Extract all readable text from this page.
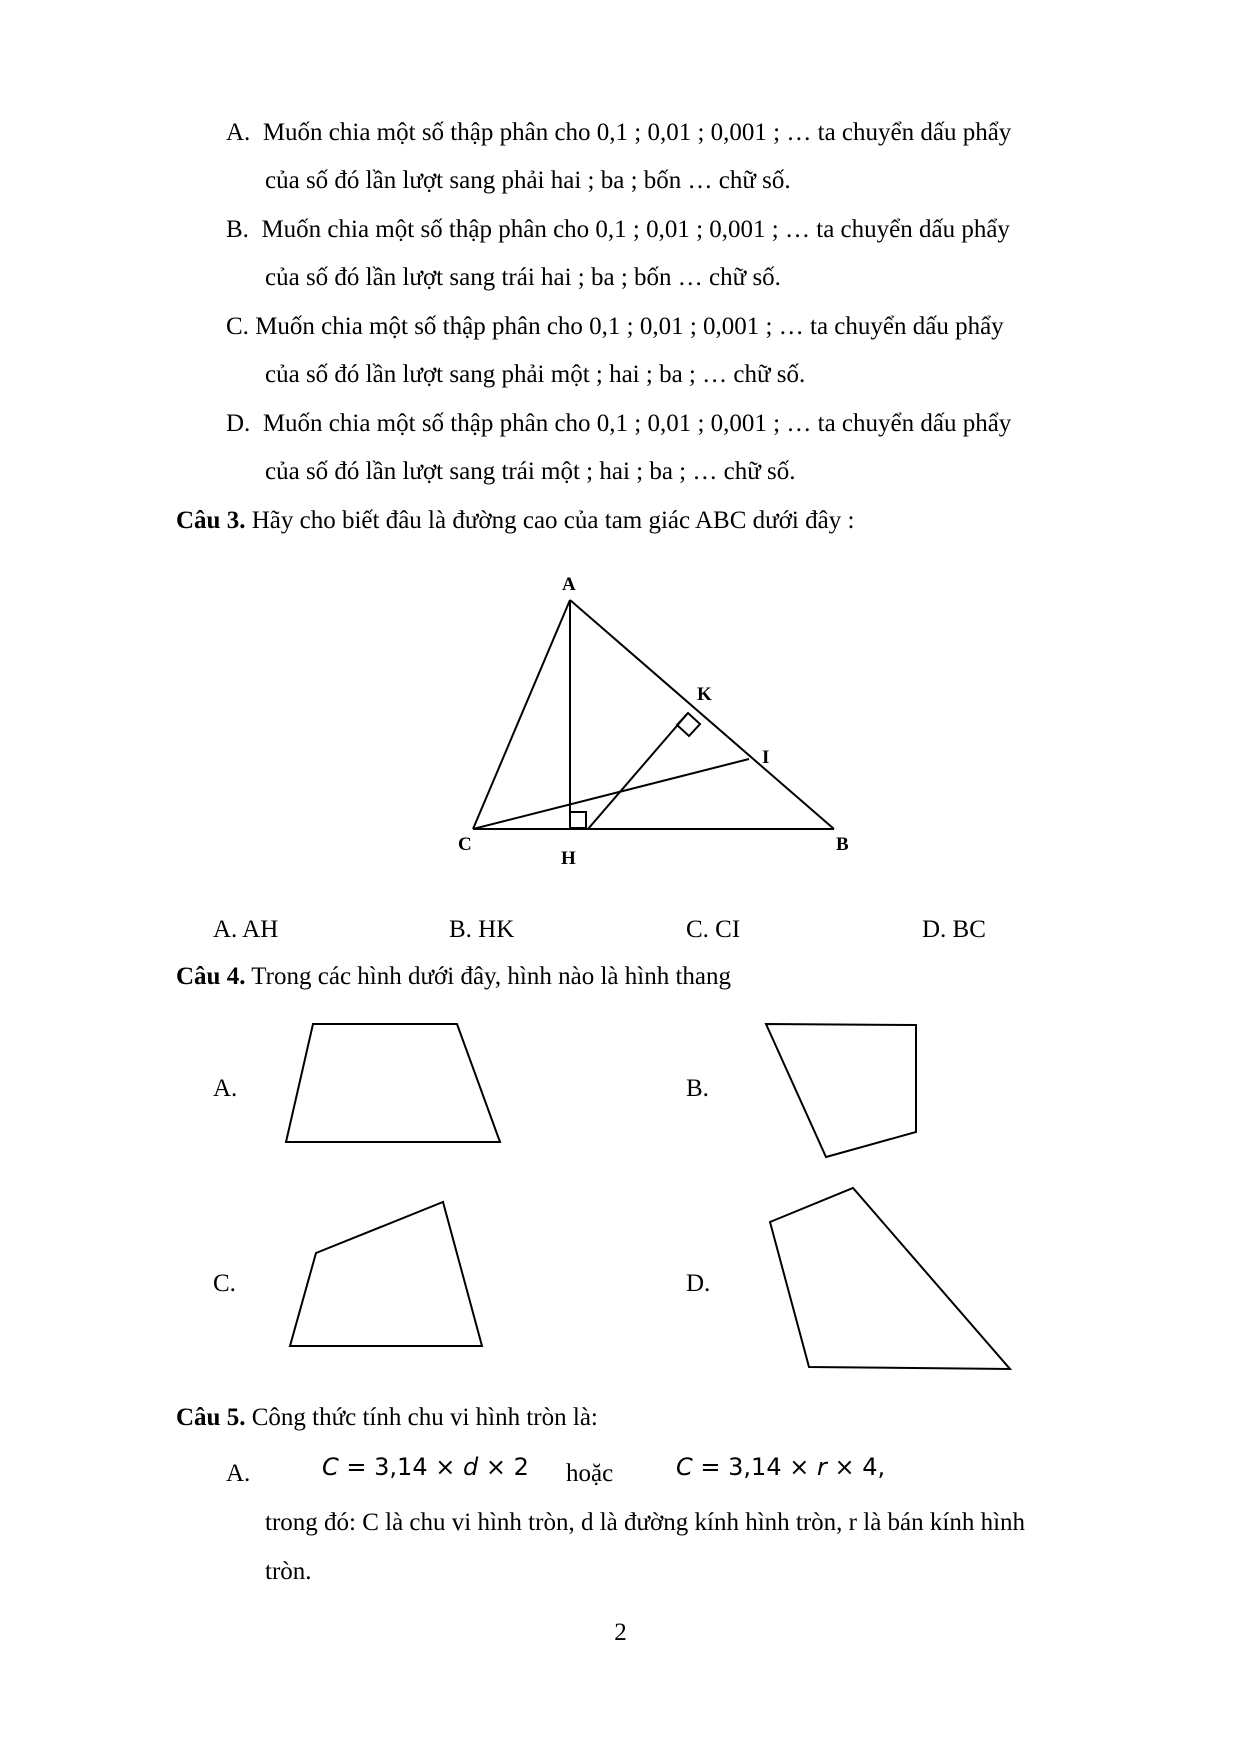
A. Muốn chia một số thập phân cho 0,1 ; 0,01 ; 0,001 ; … ta chuyển dấu phẩy
của số đó lần lượt sang phải hai ; ba ; bốn … chữ số.
B. Muốn chia một số thập phân cho 0,1 ; 0,01 ; 0,001 ; … ta chuyển dấu phẩy
của số đó lần lượt sang trái hai ; ba ; bốn … chữ số.
C. Muốn chia một số thập phân cho 0,1 ; 0,01 ; 0,001 ; … ta chuyển dấu phẩy
của số đó lần lượt sang phải một ; hai ; ba ; … chữ số.
D. Muốn chia một số thập phân cho 0,1 ; 0,01 ; 0,001 ; … ta chuyển dấu phẩy
của số đó lần lượt sang trái một ; hai ; ba ; … chữ số.
Câu 3. Hãy cho biết đâu là đường cao của tam giác ABC dưới đây :
A
K
I
C
H
B
A. AH	B. HK	C. CI	D. BC
Câu 4. Trong các hình dưới đây, hình nào là hình thang
A.	B.
C.	D.
Câu 5. Công thức tính chu vi hình tròn là:
A.	C = 3,14 × d × 2 hoặc	C = 3,14 × r × 4,
trong đó: C là chu vi hình tròn, d là đường kính hình tròn, r là bán kính hình
tròn.
2
